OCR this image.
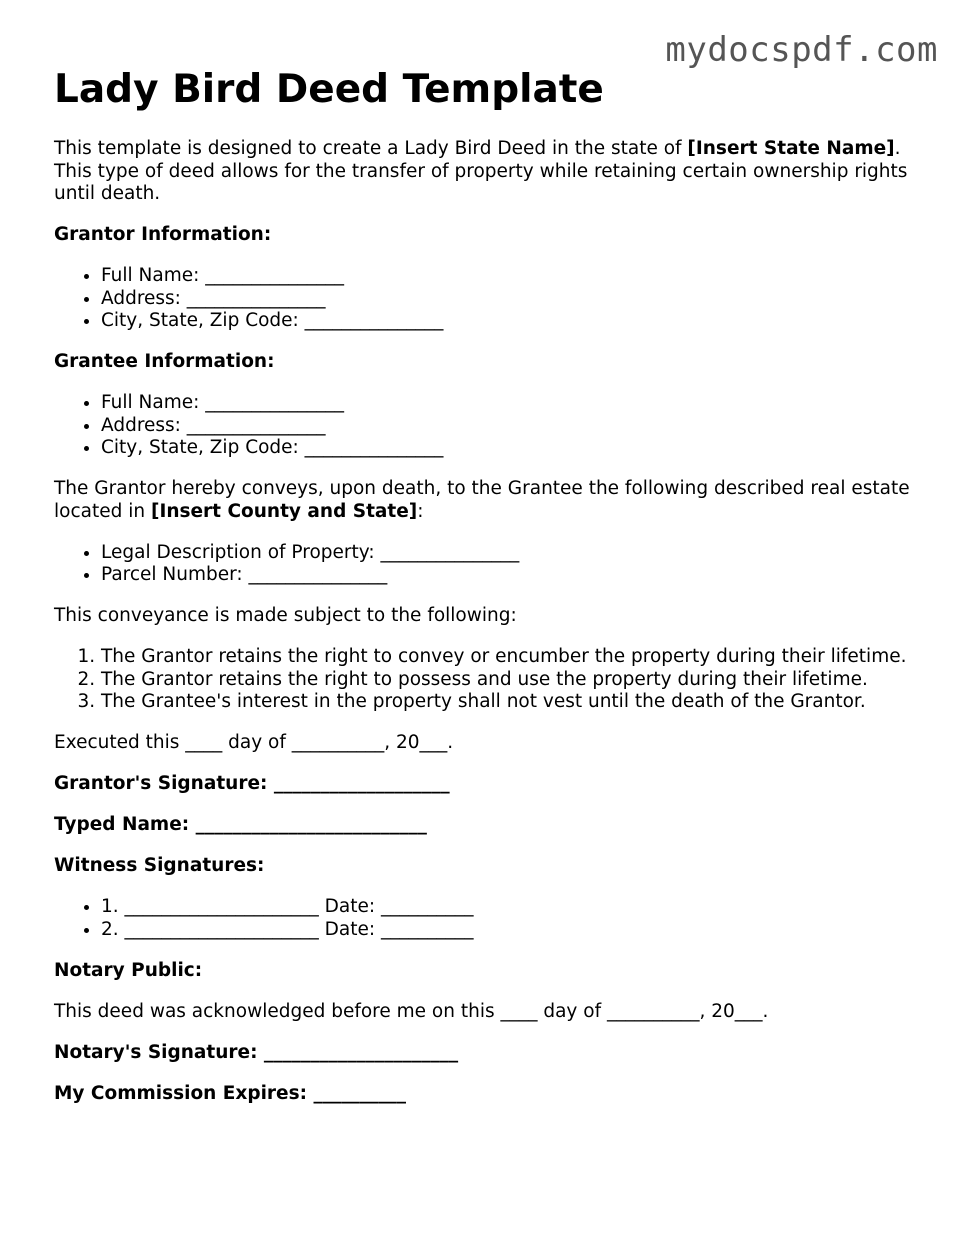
mydocspdf.com
Lady Bird Deed Template

This template is designed to create a Lady Bird Deed in the state of [Insert State Name]. This type of deed allows for the transfer of property while retaining certain ownership rights until death.

Grantor Information:

• Full Name: _______________
• Address: _______________
• City, State, Zip Code: _______________

Grantee Information:

• Full Name: _______________
• Address: _______________
• City, State, Zip Code: _______________

The Grantor hereby conveys, upon death, to the Grantee the following described real estate located in [Insert County and State]:

• Legal Description of Property: _______________
• Parcel Number: _______________

This conveyance is made subject to the following:

1. The Grantor retains the right to convey or encumber the property during their lifetime.
2. The Grantor retains the right to possess and use the property during their lifetime.
3. The Grantee's interest in the property shall not vest until the death of the Grantor.

Executed this ____ day of __________, 20___.

Grantor's Signature: ___________________

Typed Name: _________________________

Witness Signatures:

• 1. _____________________ Date: __________
• 2. _____________________ Date: __________

Notary Public:

This deed was acknowledged before me on this ____ day of __________, 20___.

Notary's Signature: _____________________

My Commission Expires: __________
